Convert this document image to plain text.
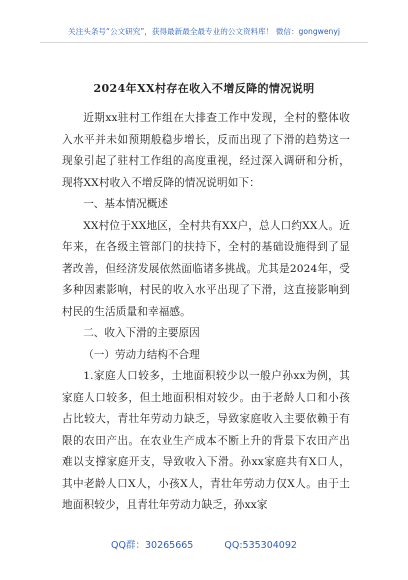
关注头条号“公文研究”，获得最新最全最专业的公文资料库！ 微信：gongwenyj
2024年XX村存在收入不增反降的情况说明

近期xx驻村工作组在大排查工作中发现，全村的整体收入水平并未如预期般稳步增长，反而出现了下滑的趋势这一现象引起了驻村工作组的高度重视，经过深入调研和分析，现将XX村收入不增反降的情况说明如下：

一、基本情况概述

XX村位于XX地区，全村共有XX户，总人口约XX人。近年来，在各级主管部门的扶持下，全村的基础设施得到了显著改善，但经济发展依然面临诸多挑战。尤其是2024年，受多种因素影响，村民的收入水平出现了下滑，这直接影响到村民的生活质量和幸福感。

二、收入下滑的主要原因

（一）劳动力结构不合理

1.家庭人口较多，土地面积较少以一般户孙xx为例，其家庭人口较多，但土地面积相对较少。由于老龄人口和小孩占比较大，青壮年劳动力缺乏，导致家庭收入主要依赖于有限的农田产出。在农业生产成本不断上升的背景下农田产出难以支撑家庭开支，导致收入下滑。孙xx家庭共有X口人，其中老龄人口X人，小孩X人，青壮年劳动力仅X人。由于土地面积较少，且青壮年劳动力缺乏，孙xx家

QQ群：30265665	QQ:535304092
